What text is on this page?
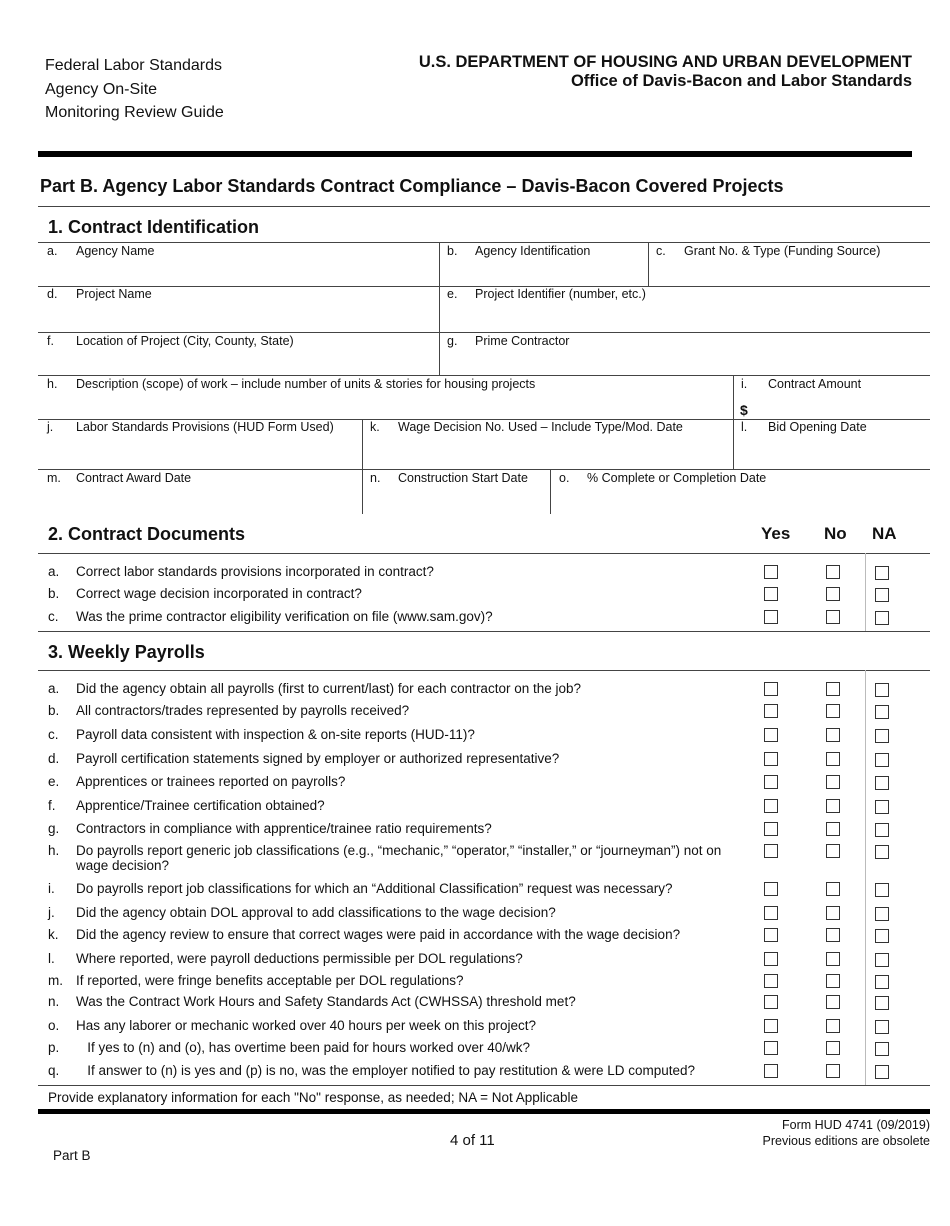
Federal Labor Standards
Agency On-Site
Monitoring Review Guide
U.S. DEPARTMENT OF HOUSING AND URBAN DEVELOPMENT
Office of Davis-Bacon and Labor Standards
Part B. Agency Labor Standards Contract Compliance – Davis-Bacon Covered Projects
1. Contract Identification
a. Agency Name	b. Agency Identification	c. Grant No. & Type (Funding Source)
d. Project Name	e. Project Identifier (number, etc.)
f. Location of Project (City, County, State)	g. Prime Contractor
h. Description (scope) of work – include number of units & stories for housing projects	i. Contract Amount
$
j. Labor Standards Provisions (HUD Form Used)	k. Wage Decision No. Used – Include Type/Mod. Date	l. Bid Opening Date
m. Contract Award Date	n. Construction Start Date o. % Complete or Completion Date
2. Contract Documents	Yes No NA
a. Correct labor standards provisions incorporated in contract?
b. Correct wage decision incorporated in contract?
c. Was the prime contractor eligibility verification on file (www.sam.gov)?
3. Weekly Payrolls
a. Did the agency obtain all payrolls (first to current/last) for each contractor on the job?
b. All contractors/trades represented by payrolls received?
c. Payroll data consistent with inspection & on-site reports (HUD-11)?
d. Payroll certification statements signed by employer or authorized representative?
e. Apprentices or trainees reported on payrolls?
f. Apprentice/Trainee certification obtained?
g. Contractors in compliance with apprentice/trainee ratio requirements?
h. Do payrolls report generic job classifications (e.g., “mechanic,” “operator,” “installer,” or “journeyman”) not on wage decision?
i. Do payrolls report job classifications for which an “Additional Classification” request was necessary?
j. Did the agency obtain DOL approval to add classifications to the wage decision?
k. Did the agency review to ensure that correct wages were paid in accordance with the wage decision?
l. Where reported, were payroll deductions permissible per DOL regulations?
m. If reported, were fringe benefits acceptable per DOL regulations?
n. Was the Contract Work Hours and Safety Standards Act (CWHSSA) threshold met?
o. Has any laborer or mechanic worked over 40 hours per week on this project?
p. If yes to (n) and (o), has overtime been paid for hours worked over 40/wk?
q. If answer to (n) is yes and (p) is no, was the employer notified to pay restitution & were LD computed?
Provide explanatory information for each "No" response, as needed; NA = Not Applicable
Form HUD 4741 (09/2019)
Previous editions are obsolete
4 of 11
Part B
